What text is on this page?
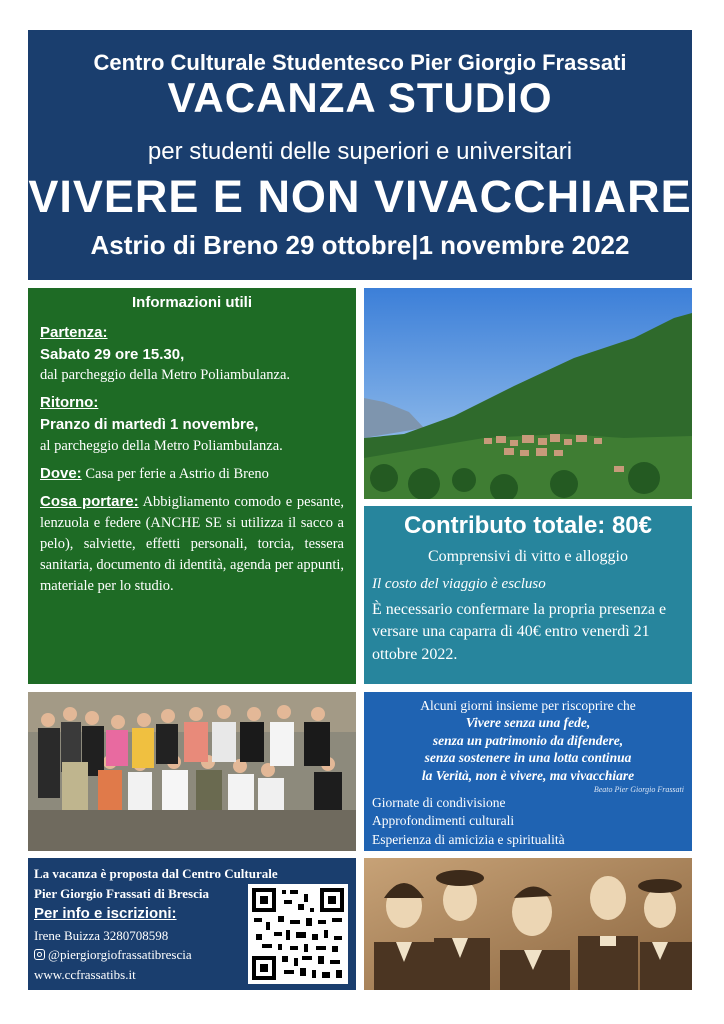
Centro Culturale Studentesco Pier Giorgio Frassati
VACANZA STUDIO
per studenti delle superiori e universitari
VIVERE E NON VIVACCHIARE
Astrio di Breno 29 ottobre|1 novembre 2022
Informazioni utili
Partenza:
Sabato 29 ore 15.30,
dal parcheggio della Metro Poliambulanza.
Ritorno:
Pranzo di martedì 1 novembre,
al parcheggio della Metro Poliambulanza.
Dove: Casa per ferie a Astrio di Breno
Cosa portare: Abbigliamento comodo e pesante, lenzuola e federe (ANCHE SE si utilizza il sacco a pelo), salviette, effetti personali, torcia, tessera sanitaria, documento di identità, agenda per appunti, materiale per lo studio.
Contributo totale: 80€
Comprensivi di vitto e alloggio
Il costo del viaggio è escluso
È necessario confermare la propria presenza e versare una caparra di 40€ entro venerdì 21 ottobre 2022.
Alcuni giorni insieme per riscoprire che
Vivere senza una fede,
senza un patrimonio da difendere,
senza sostenere in una lotta continua
la Verità, non è vivere, ma vivacchiare
Beato Pier Giorgio Frassati
Giornate di condivisione
Approfondimenti culturali
Esperienza di amicizia e spiritualità
La vacanza è proposta dal Centro Culturale
Pier Giorgio Frassati di Brescia
Per info e iscrizioni:
Irene Buizza 3280708598
@piergiorgiofrassatibrescia
www.ccfrassatibs.it
